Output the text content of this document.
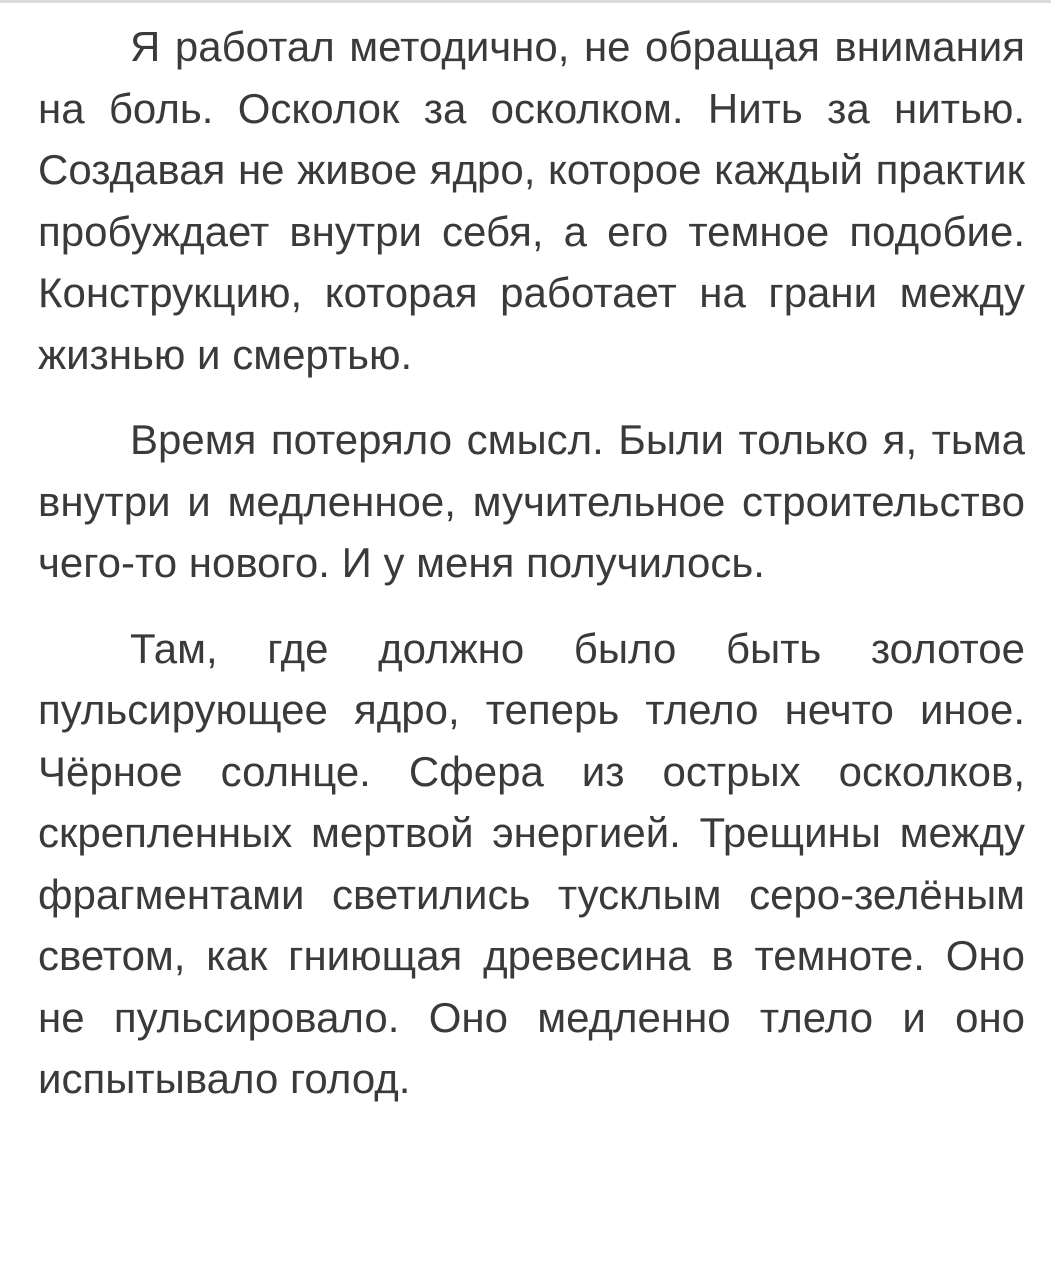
Я работал методично, не обращая внимания на боль. Осколок за осколком. Нить за нитью. Создавая не живое ядро, которое каждый практик пробуждает внутри себя, а его темное подобие. Конструкцию, которая работает на грани между жизнью и смертью.

Время потеряло смысл. Были только я, тьма внутри и медленное, мучительное строительство чего-то нового. И у меня получилось.

Там, где должно было быть золотое пульсирующее ядро, теперь тлело нечто иное. Чёрное солнце. Сфера из острых осколков, скрепленных мертвой энергией. Трещины между фрагментами светились тусклым серо-зелёным светом, как гниющая древесина в темноте. Оно не пульсировало. Оно медленно тлело и оно испытывало голод.
